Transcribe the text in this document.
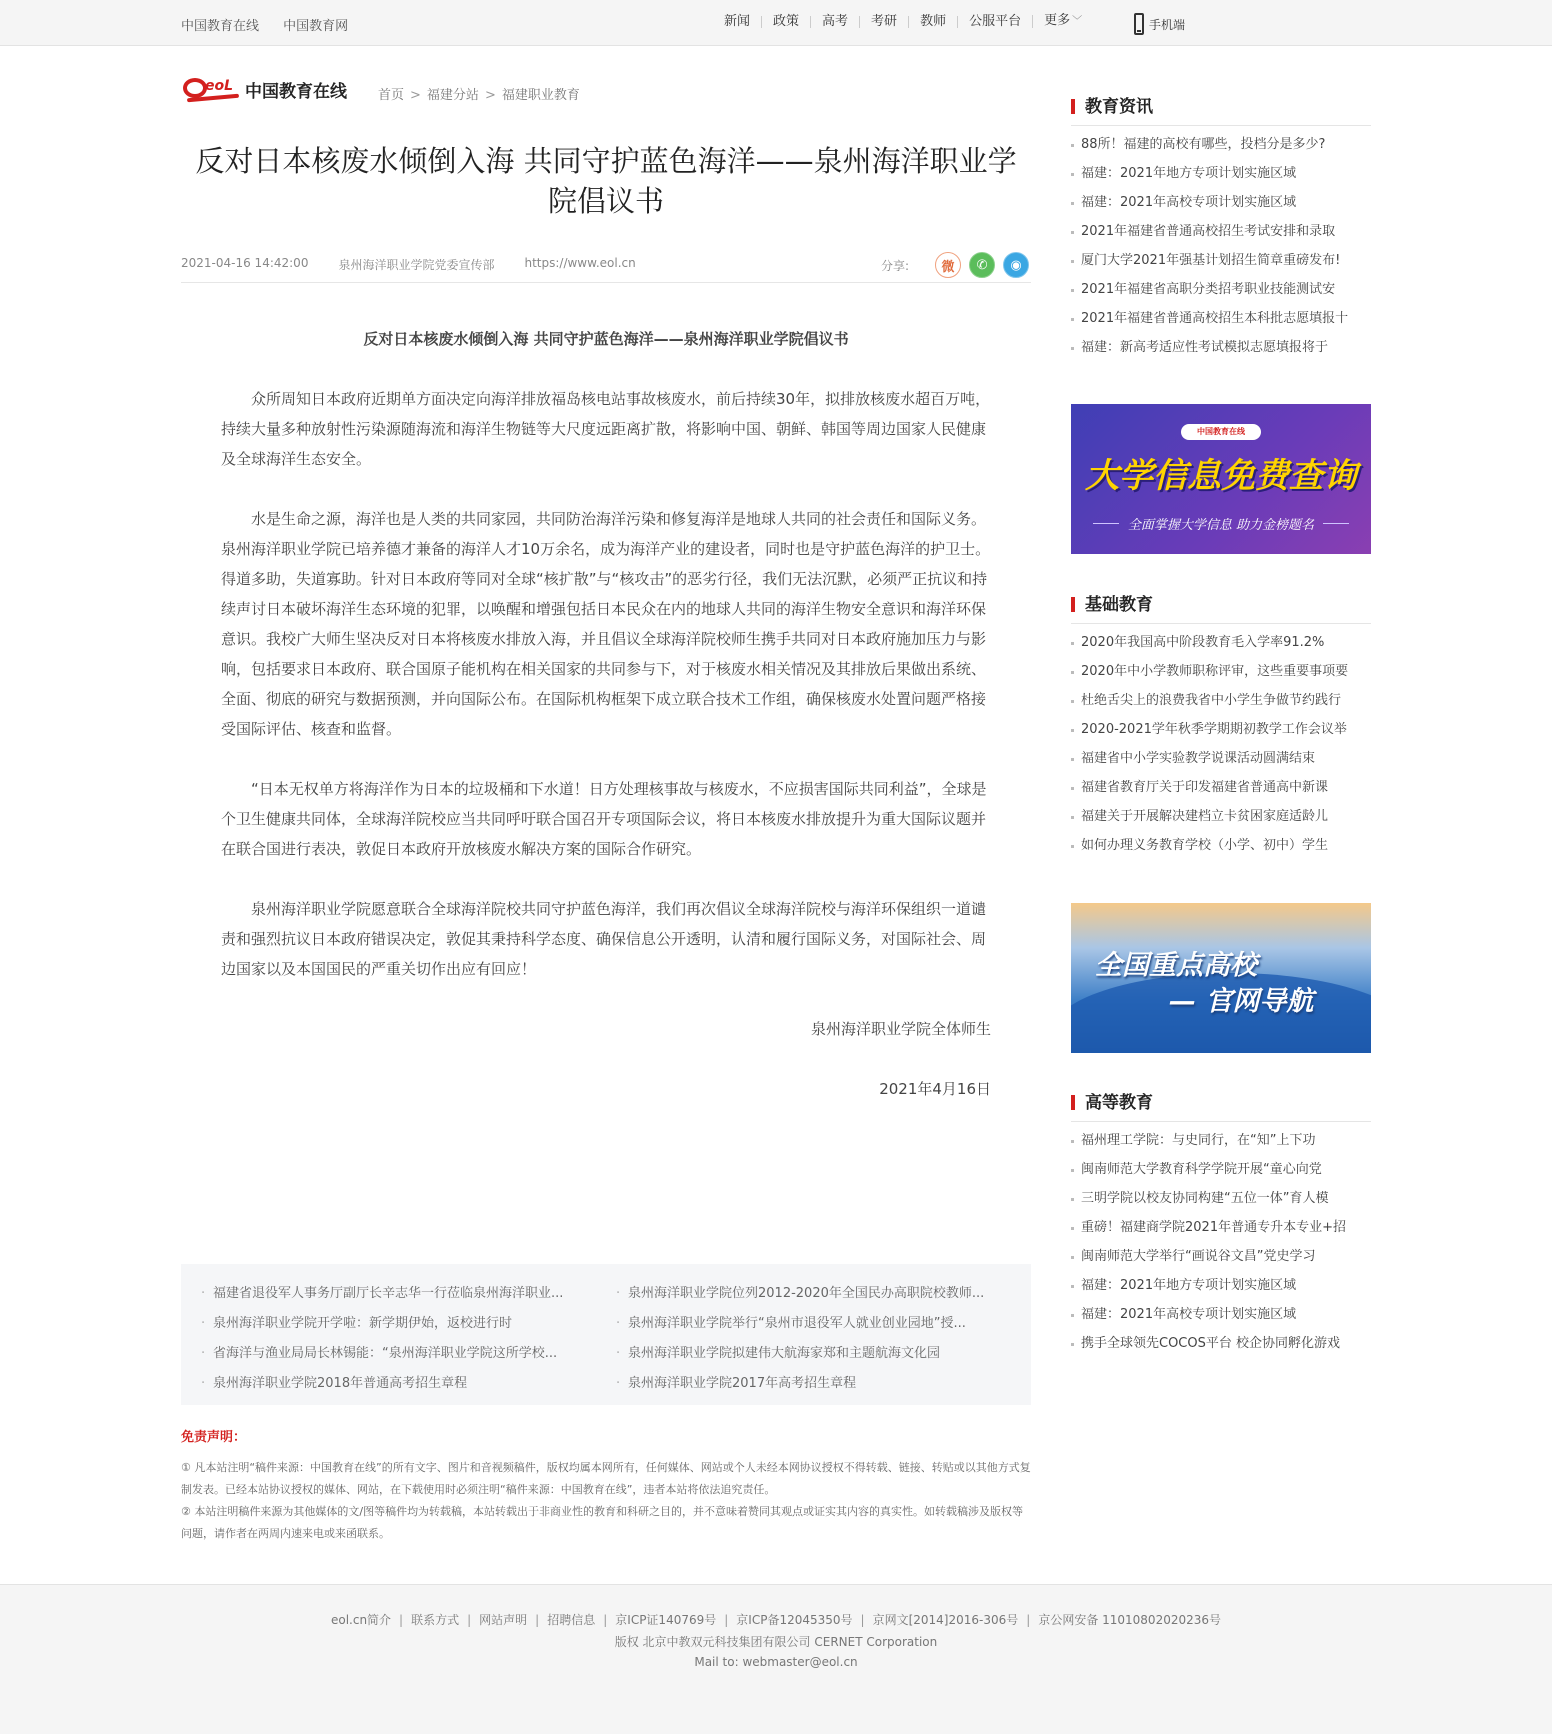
中国教育在线 中国教育网	新闻	政策	高考	考研	教师	公服平台	更多 ﹀	手机端
eoL 中国教育在线 首页 > 福建分站 > 福建职业教育
反对日本核废水倾倒入海 共同守护蓝色海洋——泉州海洋职业学院倡议书
2021-04-16 14:42:00	泉州海洋职业学院党委宣传部	https://www.eol.cn	分享:	微	✆	◉

反对日本核废水倾倒入海 共同守护蓝色海洋——泉州海洋职业学院倡议书

众所周知日本政府近期单方面决定向海洋排放福岛核电站事故核废水，前后持续30年，拟排放核废水超百万吨，持续大量多种放射性污染源随海流和海洋生物链等大尺度远距离扩散，将影响中国、朝鲜、韩国等周边国家人民健康及全球海洋生态安全。

水是生命之源，海洋也是人类的共同家园，共同防治海洋污染和修复海洋是地球人共同的社会责任和国际义务。泉州海洋职业学院已培养德才兼备的海洋人才10万余名，成为海洋产业的建设者，同时也是守护蓝色海洋的护卫士。得道多助，失道寡助。针对日本政府等同对全球“核扩散”与“核攻击”的恶劣行径，我们无法沉默，必须严正抗议和持续声讨日本破坏海洋生态环境的犯罪，以唤醒和增强包括日本民众在内的地球人共同的海洋生物安全意识和海洋环保意识。我校广大师生坚决反对日本将核废水排放入海，并且倡议全球海洋院校师生携手共同对日本政府施加压力与影响，包括要求日本政府、联合国原子能机构在相关国家的共同参与下，对于核废水相关情况及其排放后果做出系统、全面、彻底的研究与数据预测，并向国际公布。在国际机构框架下成立联合技术工作组，确保核废水处置问题严格接受国际评估、核查和监督。

“日本无权单方将海洋作为日本的垃圾桶和下水道！日方处理核事故与核废水，不应损害国际共同利益”，全球是个卫生健康共同体，全球海洋院校应当共同呼吁联合国召开专项国际会议，将日本核废水排放提升为重大国际议题并在联合国进行表决，敦促日本政府开放核废水解决方案的国际合作研究。

泉州海洋职业学院愿意联合全球海洋院校共同守护蓝色海洋，我们再次倡议全球海洋院校与海洋环保组织一道谴责和强烈抗议日本政府错误决定，敦促其秉持科学态度、确保信息公开透明，认清和履行国际义务，对国际社会、周边国家以及本国国民的严重关切作出应有回应！

泉州海洋职业学院全体师生

2021年4月16日

· 福建省退役军人事务厅副厅长辛志华一行莅临泉州海洋职业...	· 泉州海洋职业学院位列2012-2020年全国民办高职院校教师...
· 泉州海洋职业学院开学啦：新学期伊始，返校进行时	· 泉州海洋职业学院举行“泉州市退役军人就业创业园地”授...
· 省海洋与渔业局局长林锡能：“泉州海洋职业学院这所学校...	· 泉州海洋职业学院拟建伟大航海家郑和主题航海文化园
· 泉州海洋职业学院2018年普通高考招生章程	· 泉州海洋职业学院2017年高考招生章程
免责声明：

① 凡本站注明“稿件来源：中国教育在线”的所有文字、图片和音视频稿件，版权均属本网所有，任何媒体、网站或个人未经本网协议授权不得转载、链接、转贴或以其他方式复制发表。已经本站协议授权的媒体、网站，在下载使用时必须注明“稿件来源：中国教育在线”，违者本站将依法追究责任。

② 本站注明稿件来源为其他媒体的文/图等稿件均为转载稿，本站转载出于非商业性的教育和科研之目的，并不意味着赞同其观点或证实其内容的真实性。如转载稿涉及版权等问题，请作者在两周内速来电或来函联系。

教育资讯
88所！福建的高校有哪些，投档分是多少?
福建：2021年地方专项计划实施区域
福建：2021年高校专项计划实施区域
2021年福建省普通高校招生考试安排和录取
厦门大学2021年强基计划招生简章重磅发布!
2021年福建省高职分类招考职业技能测试安
2021年福建省普通高校招生本科批志愿填报十
福建：新高考适应性考试模拟志愿填报将于
中国教育在线
大学信息免费查询
全面掌握大学信息 助力金榜题名
基础教育
2020年我国高中阶段教育毛入学率91.2%
2020年中小学教师职称评审，这些重要事项要
杜绝舌尖上的浪费我省中小学生争做节约践行
2020-2021学年秋季学期期初教学工作会议举
福建省中小学实验教学说课活动圆满结束
福建省教育厅关于印发福建省普通高中新课
福建关于开展解决建档立卡贫困家庭适龄儿
如何办理义务教育学校（小学、初中）学生
全国重点高校
— 官网导航
高等教育
福州理工学院：与史同行，在“知”上下功
闽南师范大学教育科学学院开展“童心向党
三明学院以校友协同构建“五位一体”育人模
重磅！福建商学院2021年普通专升本专业+招
闽南师范大学举行“画说谷文昌”党史学习
福建：2021年地方专项计划实施区域
福建：2021年高校专项计划实施区域
携手全球领先COCOS平台 校企协同孵化游戏
eol.cn简介 | 联系方式 | 网站声明 | 招聘信息 | 京ICP证140769号 | 京ICP备12045350号 | 京网文[2014]2016-306号 | 京公网安备 11010802020236号
版权 北京中教双元科技集团有限公司 CERNET Corporation
Mail to: webmaster@eol.cn
